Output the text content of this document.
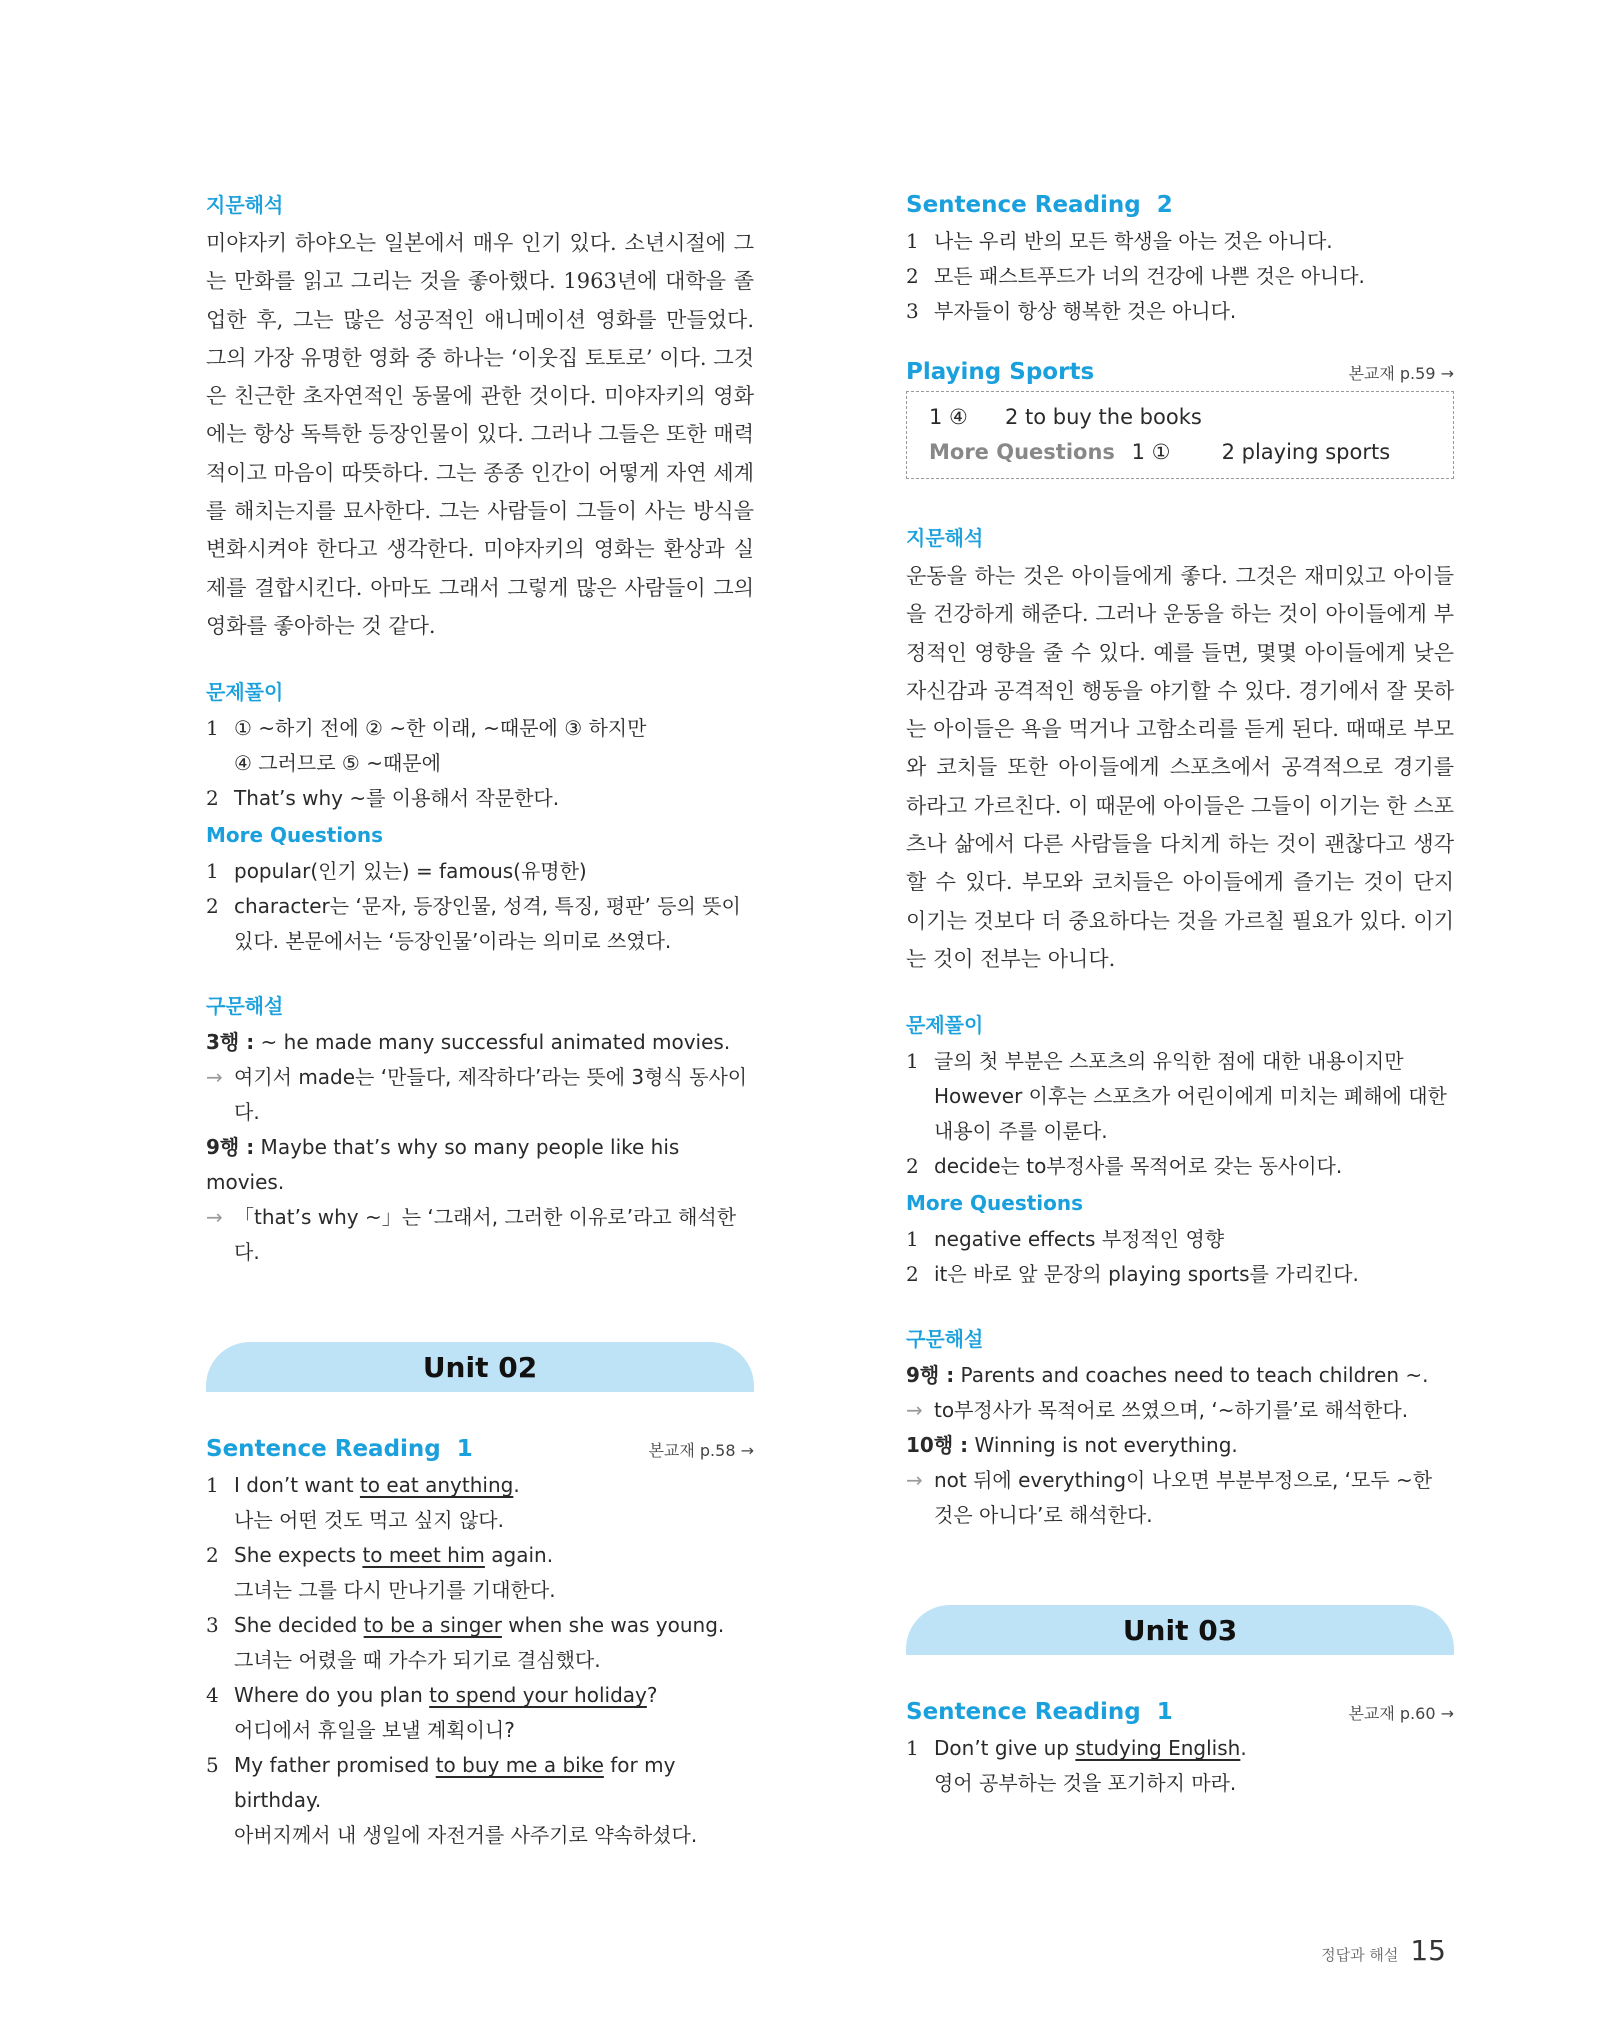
지문해석

미야자키 하야오는 일본에서 매우 인기 있다. 소년시절에 그는 만화를 읽고 그리는 것을 좋아했다. 1963년에 대학을 졸업한 후, 그는 많은 성공적인 애니메이션 영화를 만들었다. 그의 가장 유명한 영화 중 하나는 ‘이웃집 토토로’ 이다. 그것은 친근한 초자연적인 동물에 관한 것이다. 미야자키의 영화에는 항상 독특한 등장인물이 있다. 그러나 그들은 또한 매력적이고 마음이 따뜻하다. 그는 종종 인간이 어떻게 자연 세계를 해치는지를 묘사한다. 그는 사람들이 그들이 사는 방식을 변화시켜야 한다고 생각한다. 미야자키의 영화는 환상과 실제를 결합시킨다. 아마도 그래서 그렇게 많은 사람들이 그의 영화를 좋아하는 것 같다.

문제풀이
1 ① ~하기 전에 ② ~한 이래, ~때문에 ③ 하지만
④ 그러므로 ⑤ ~때문에
2 That’s why ~를 이용해서 작문한다.
More Questions
1 popular(인기 있는) = famous(유명한)
2 character는 ‘문자, 등장인물, 성격, 특징, 평판’ 등의 뜻이 있다. 본문에서는 ‘등장인물’이라는 의미로 쓰였다.
구문해설
3행 : ~ he made many successful animated movies.
→ 여기서 made는 ‘만들다, 제작하다’라는 뜻에 3형식 동사이다.
9행 : Maybe that’s why so many people like his movies.
→ 「that’s why ~」는 ‘그래서, 그러한 이유로’라고 해석한다.
Unit 02
Sentence Reading 1	본교재 p.58 →
1 I don’t want to eat anything.
나는 어떤 것도 먹고 싶지 않다.
2 She expects to meet him again.
그녀는 그를 다시 만나기를 기대한다.
3 She decided to be a singer when she was young.
그녀는 어렸을 때 가수가 되기로 결심했다.
4 Where do you plan to spend your holiday?
어디에서 휴일을 보낼 계획이니?
5 My father promised to buy me a bike for my birthday.
아버지께서 내 생일에 자전거를 사주기로 약속하셨다.
Sentence Reading 2
1 나는 우리 반의 모든 학생을 아는 것은 아니다.
2 모든 패스트푸드가 너의 건강에 나쁜 것은 아니다.
3 부자들이 항상 행복한 것은 아니다.
Playing Sports	본교재 p.59 →
1 ④ 2 to buy the books
More Questions 1 ① 2 playing sports
지문해석

운동을 하는 것은 아이들에게 좋다. 그것은 재미있고 아이들을 건강하게 해준다. 그러나 운동을 하는 것이 아이들에게 부정적인 영향을 줄 수 있다. 예를 들면, 몇몇 아이들에게 낮은 자신감과 공격적인 행동을 야기할 수 있다. 경기에서 잘 못하는 아이들은 욕을 먹거나 고함소리를 듣게 된다. 때때로 부모와 코치들 또한 아이들에게 스포츠에서 공격적으로 경기를 하라고 가르친다. 이 때문에 아이들은 그들이 이기는 한 스포츠나 삶에서 다른 사람들을 다치게 하는 것이 괜찮다고 생각할 수 있다. 부모와 코치들은 아이들에게 즐기는 것이 단지 이기는 것보다 더 중요하다는 것을 가르칠 필요가 있다. 이기는 것이 전부는 아니다.

문제풀이
1 글의 첫 부분은 스포츠의 유익한 점에 대한 내용이지만 However 이후는 스포츠가 어린이에게 미치는 폐해에 대한 내용이 주를 이룬다.
2 decide는 to부정사를 목적어로 갖는 동사이다.
More Questions
1 negative effects 부정적인 영향
2 it은 바로 앞 문장의 playing sports를 가리킨다.
구문해설
9행 : Parents and coaches need to teach children ~.
→ to부정사가 목적어로 쓰였으며, ‘~하기를’로 해석한다.
10행 : Winning is not everything.
→ not 뒤에 everything이 나오면 부분부정으로, ‘모두 ~한 것은 아니다’로 해석한다.
Unit 03
Sentence Reading 1	본교재 p.60 →
1 Don’t give up studying English.
영어 공부하는 것을 포기하지 마라.
정답과 해설 15
